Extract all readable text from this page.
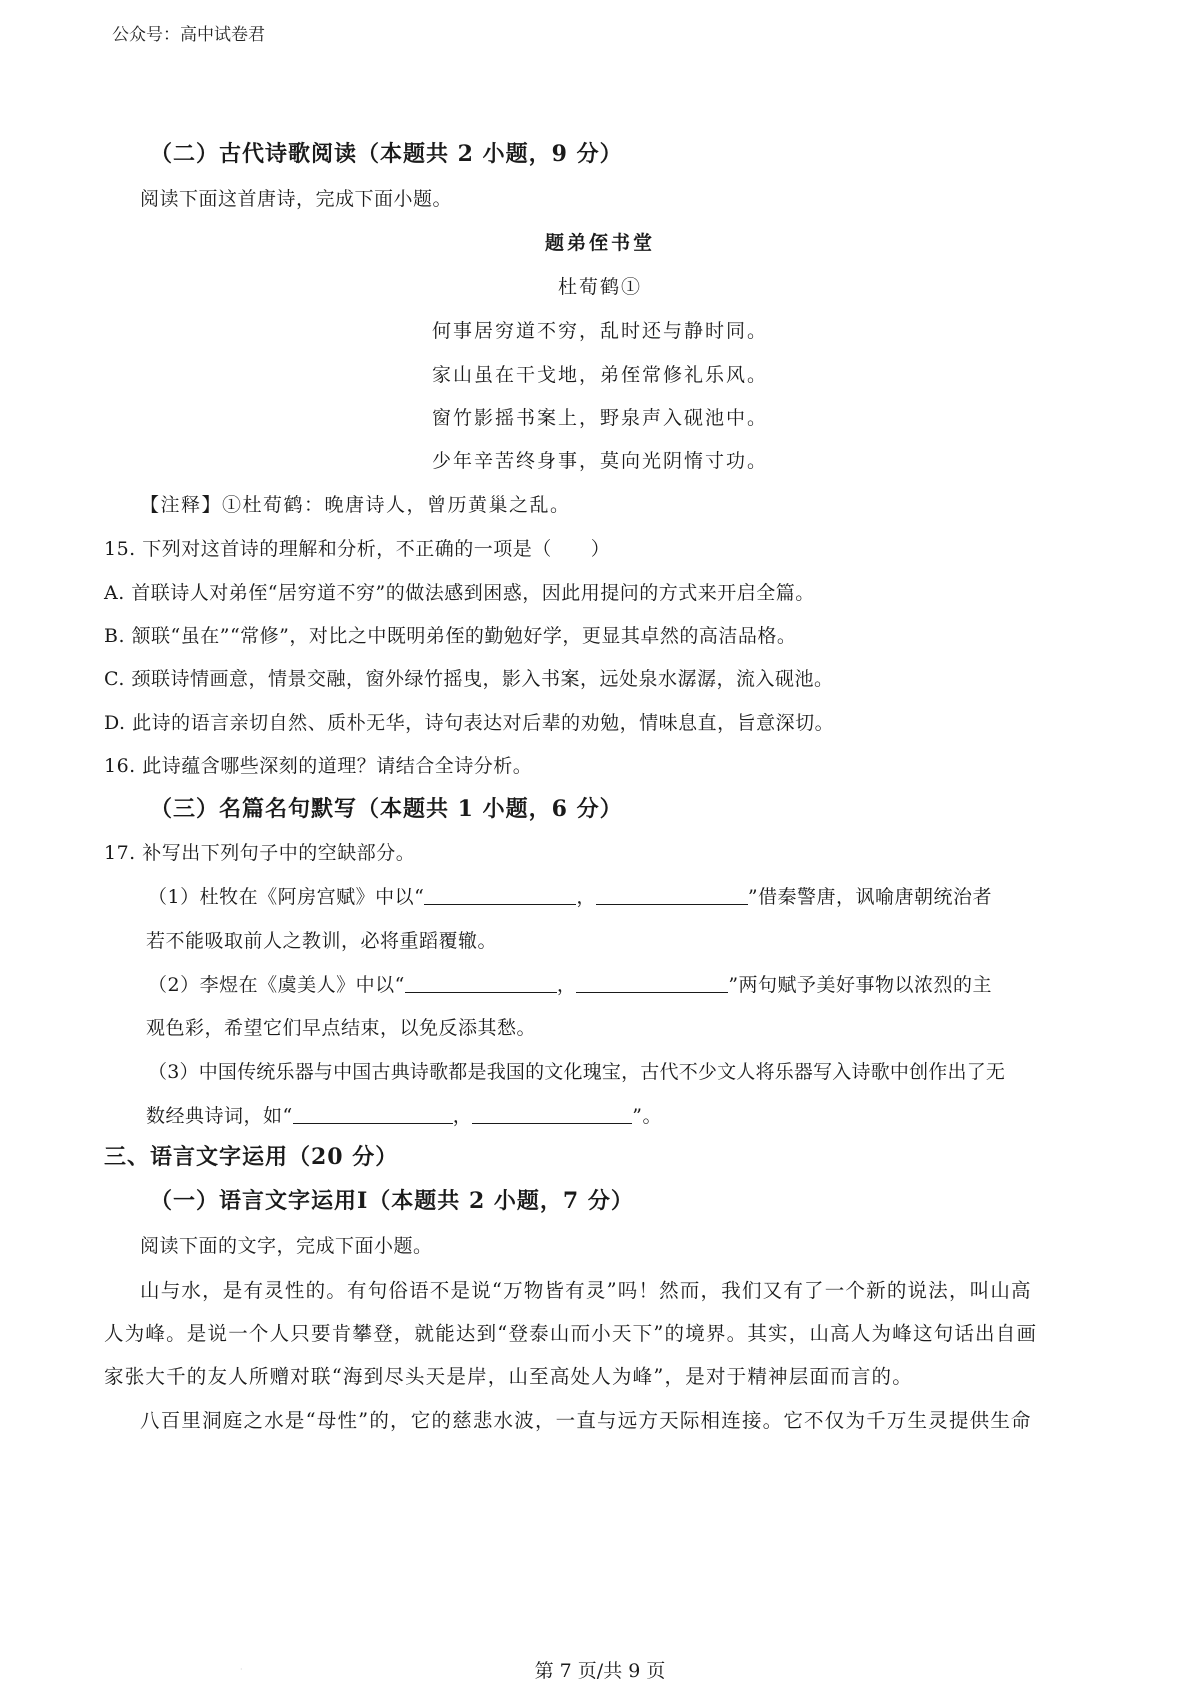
公众号：高中试卷君
（二）古代诗歌阅读（本题共 2 小题，9 分）
阅读下面这首唐诗，完成下面小题。
题弟侄书堂
杜荀鹤①
何事居穷道不穷，乱时还与静时同。
家山虽在干戈地，弟侄常修礼乐风。
窗竹影摇书案上，野泉声入砚池中。
少年辛苦终身事，莫向光阴惰寸功。
【注释】①杜荀鹤：晚唐诗人，曾历黄巢之乱。
15. 下列对这首诗的理解和分析，不正确的一项是（　　）
A. 首联诗人对弟侄“居穷道不穷”的做法感到困惑，因此用提问的方式来开启全篇。
B. 颔联“虽在”“常修”，对比之中既明弟侄的勤勉好学，更显其卓然的高洁品格。
C. 颈联诗情画意，情景交融，窗外绿竹摇曳，影入书案，远处泉水潺潺，流入砚池。
D. 此诗的语言亲切自然、质朴无华，诗句表达对后辈的劝勉，情味息直，旨意深切。
16. 此诗蕴含哪些深刻的道理？请结合全诗分析。
（三）名篇名句默写（本题共 1 小题，6 分）
17. 补写出下列句子中的空缺部分。
（1）杜牧在《阿房宫赋》中以“	，	”借秦警唐，讽喻唐朝统治者
若不能吸取前人之教训，必将重蹈覆辙。
（2）李煜在《虞美人》中以“	，	”两句赋予美好事物以浓烈的主
观色彩，希望它们早点结束，以免反添其愁。
（3）中国传统乐器与中国古典诗歌都是我国的文化瑰宝，古代不少文人将乐器写入诗歌中创作出了无
数经典诗词，如“	，	”。
三、语言文字运用（20 分）
（一）语言文字运用Ⅰ（本题共 2 小题，7 分）
阅读下面的文字，完成下面小题。
山与水，是有灵性的。有句俗语不是说“万物皆有灵”吗！然而，我们又有了一个新的说法，叫山高
人为峰。是说一个人只要肯攀登，就能达到“登泰山而小天下”的境界。其实，山高人为峰这句话出自画
家张大千的友人所赠对联“海到尽头天是岸，山至高处人为峰”，是对于精神层面而言的。
八百里洞庭之水是“母性”的，它的慈悲水波，一直与远方天际相连接。它不仅为千万生灵提供生命
·	第 7 页/共 9 页
